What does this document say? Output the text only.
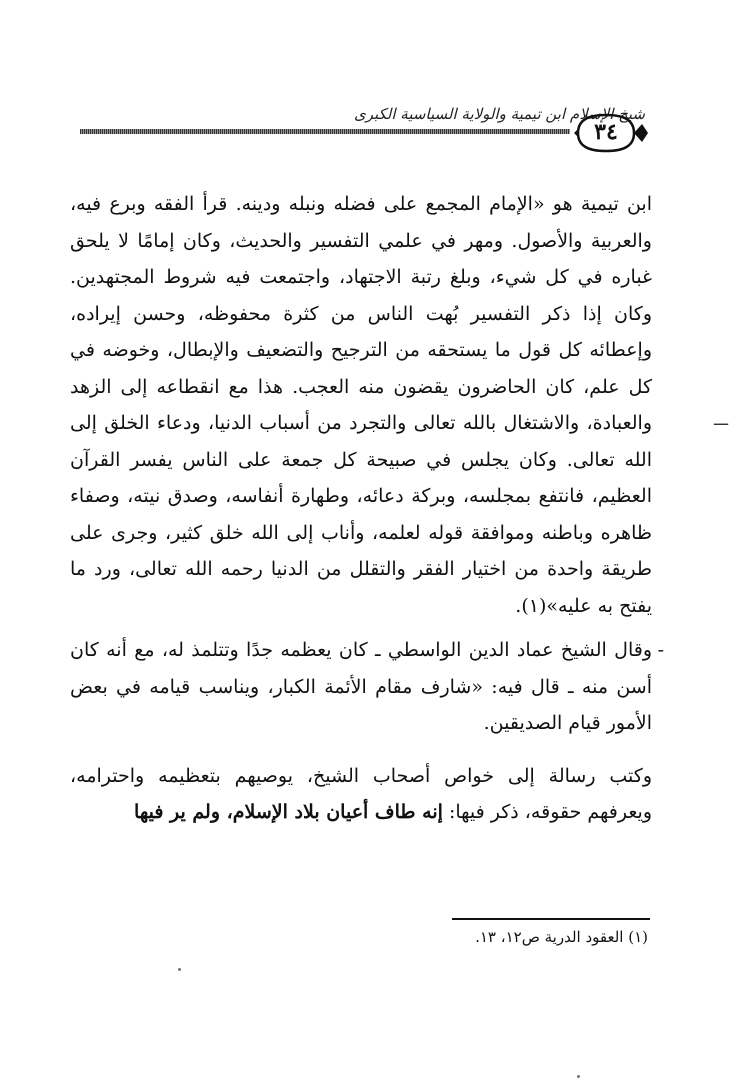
شيخ الإسلام ابن تيمية والولاية السياسية الكبرى
٣٤
ـــ

ابن تيمية هو «الإمام المجمع على فضله ونبله ودينه. قرأ الفقه وبرع فيه، والعربية والأصول. ومهر في علمي التفسير والحديث، وكان إمامًا لا يلحق غباره في كل شيء، وبلغ رتبة الاجتهاد، واجتمعت فيه شروط المجتهدين. وكان إذا ذكر التفسير بُهت الناس من كثرة محفوظه، وحسن إيراده، وإعطائه كل قول ما يستحقه من الترجيح والتضعيف والإبطال، وخوضه في كل علم، كان الحاضرون يقضون منه العجب. هذا مع انقطاعه إلى الزهد والعبادة، والاشتغال بالله تعالى والتجرد من أسباب الدنيا، ودعاء الخلق إلى الله تعالى. وكان يجلس في صبيحة كل جمعة على الناس يفسر القرآن العظيم، فانتفع بمجلسه، وبركة دعائه، وطهارة أنفاسه، وصدق نيته، وصفاء ظاهره وباطنه وموافقة قوله لعلمه، وأناب إلى الله خلق كثير، وجرى على طريقة واحدة من اختيار الفقر والتقلل من الدنيا رحمه الله تعالى، ورد ما يفتح به عليه»(١).

-
وقال الشيخ عماد الدين الواسطي ـ كان يعظمه جدًا وتتلمذ له، مع أنه كان أسن منه ـ قال فيه: «شارف مقام الأئمة الكبار، ويناسب قيامه في بعض الأمور قيام الصديقين.

وكتب رسالة إلى خواص أصحاب الشيخ، يوصيهم بتعظيمه واحترامه، ويعرفهم حقوقه، ذكر فيها: إنه طاف أعيان بلاد الإسلام، ولم ير فيها

(١) العقود الدرية ص١٢، ١٣.
